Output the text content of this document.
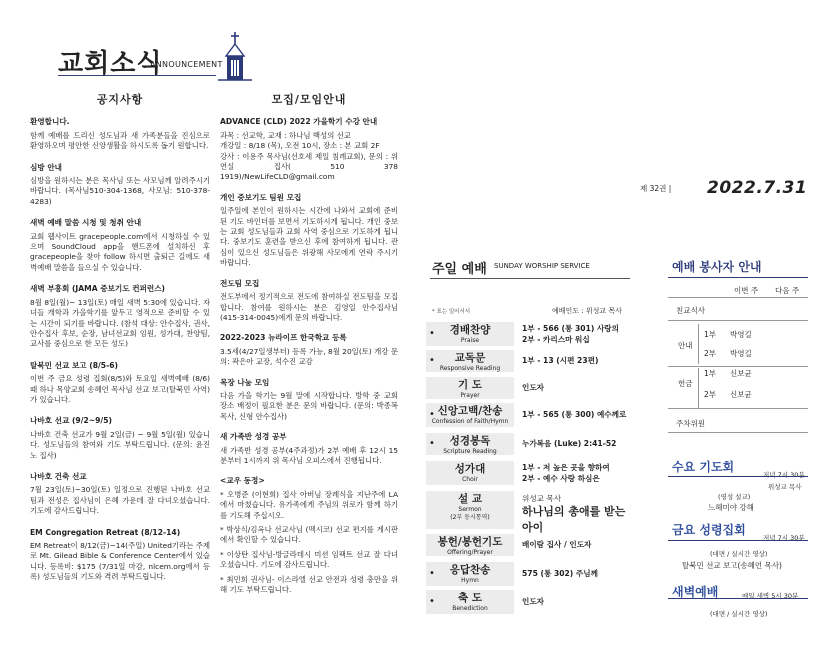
교회소식
ANNOUNCEMENT
공지사항
환영합니다.
함께 예배를 드리신 성도님과 새 가족분들을 진심으로 환영하오며 평안한 신앙생활을 하시도록 돕기 원합니다.
심방 안내
심방을 원하시는 분은 목사님 또는 사모님께 알려주시기 바랍니다. (목사님510-304-1368, 사모님: 510-378-4283)
새벽 예배 말씀 시청 및 청취 안내
교회 웹사이트 gracepeople.com에서 시청하실 수 있으며 SoundCloud app을 핸드폰에 설치하신 후 gracepeople을 찾아 follow 하시면 출퇴근 길에도 새벽예배 말씀을 들으실 수 있습니다.
새벽 부흥회 (JAMA 중보기도 컨퍼런스)
8월 8일(월)~ 13일(토) 매일 새벽 5:30에 있습니다. 자녀들 개학과 가을학기를 앞두고 영적으로 준비할 수 있는 시간이 되기를 바랍니다. (참석 대상: 안수집사, 권사, 안수집사 후보, 순장, 남녀선교회 임원, 성가대, 찬양팀, 교사를 중심으로 한 모든 성도)
탈북민 선교 보고 (8/5-6)
이번 주 금요 성령 집회(8/5)와 토요일 새벽예배 (8/6) 때 하나 목양교회 송혜언 목사님 선교 보고(탈북민 사역)가 있습니다.
나바호 선교 (9/2~9/5)
나바호 건축 선교가 9월 2일(금) ~ 9월 5일(월) 있습니다. 성도님들의 참여와 기도 부탁드립니다. (문의: 윤진노 집사)
나바호 건축 선교
7월 23일(토)~30일(토) 일정으로 진행된 나바호 선교팀과 전성은 집사님이 은혜 가운데 잘 다녀오셨습니다. 기도에 감사드립니다.
EM Congregation Retreat (8/12-14)
EM Retreat이 8/12(금)~14(주일) United기라는 주제로 Mt. Gilead Bible & Conference Center에서 있습니다. 등록비: $175 (7/31일 마감, nlcem.org에서 등록) 성도님들의 기도와 격려 부탁드립니다.
모집/모임안내
ADVANCE (CLD) 2022 가을학기 수강 안내
과목 : 선교학, 교재 : 하나님 백성의 선교
개강일 : 8/18 (목), 오전 10시, 장소 : 본 교회 2F
강사 : 이용주 목사님(선호세 제일 침례교회), 문의 : 위연실 집사( 510 378 1919)/NewLifeCLD@gmail.com
개인 중보기도 팀원 모집
일주일에 본인이 원하시는 시간에 나와서 교회에 준비된 기도 바인더를 보면서 기도하시게 됩니다. 개인 중보는 교회 성도님들과 교회 사역 중심으로 기도하게 됩니다. 중보기도 훈련을 받으신 후에 참여하게 됩니다. 관심이 있으신 성도님들은 위광해 사모에게 연락 주시기 바랍니다.
전도팀 모집
전도부에서 정기적으로 전도에 참여하실 전도팀을 모집합니다. 참여를 원하시는 분은 김영일 안수집사님 (415-314-0045)에게 문의 바랍니다.
2022-2023 뉴라이프 한국학교 등록
3.5세(4/27일생부터) 등록 가능, 8월 20일(토) 개강 문의: 곽은아 교장, 석수진 교감
목장 나눔 모임
다음 가을 학기는 9월 말에 시작합니다. 방학 중 교회 장소 배정이 필요한 분은 문의 바랍니다. (문의: 박종복 목사, 신형 안수집사)
새 가족반 성경 공부
새 가족반 성경 공부(4주과정)가 2부 예배 후 12시 15분부터 1시까지 위 목사님 오피스에서 진행됩니다.
<교우 동정>
* 오병준 (이현희) 집사 아버님 장례식을 지난주에 LA에서 마쳤습니다. 유가족에게 주님의 위로가 함께 하기를 기도해 주십시오.
* 박상식/김옥나 선교사님 (멕시코) 선교 편지를 게시판에서 확인할 수 있습니다.
* 이상탄 집사님-방글라데시 미션 임팩트 선교 잘 다녀오셨습니다. 기도에 감사드립니다.
* 최민희 권사님- 이스라엘 선교 안전과 성령 충만을 위해 기도 부탁드립니다.
제 32권 | 2022.7.31
주일 예배 SUNDAY WORSHIP SERVICE
* 표는 일어서서	예배인도 : 위성교 목사
경배찬양
Praise
•	1부 - 566 (통 301) 사랑의
2부 - 카리스마 워십
교독문
Responsive Reading
•	1부 - 13 (시편 23편)
기 도
Prayer
인도자
신앙고백/찬송
Confession of Faith/Hymn
•	1부 - 565 (통 300) 예수께로
성경봉독
Scripture Reading
•	누가복음 (Luke) 2:41-52
성가대
Choir
1부 - 저 높은 곳을 향하여
2부 - 예수 사랑 하심은
설 교
Sermon
(2부 동시통역)
위성교 목사
하나님의 총애를 받는 아이
봉헌/봉헌기도
Offering/Prayer
배이람 집사 / 인도자
응답찬송
Hymn
•	575 (통 302) 주님께
축 도
Benediction
•	인도자
예배 봉사자 안내
이번 주 다음 주
친교식사
안내
1부 박영길
2부 박영길
헌금
1부 신보균
2부 신보균
주차위원
수요 기도회
저녁 7시 30분
위성교 목사
(영성 설교)
느헤미야 강해
금요 성령집회
저녁 7시 30분
(대면 / 실시간 영상)
탈북민 선교 보고(송혜언 목사)
새벽예배	매일 새벽 5시 30분
(대면 / 실시간 영상)
